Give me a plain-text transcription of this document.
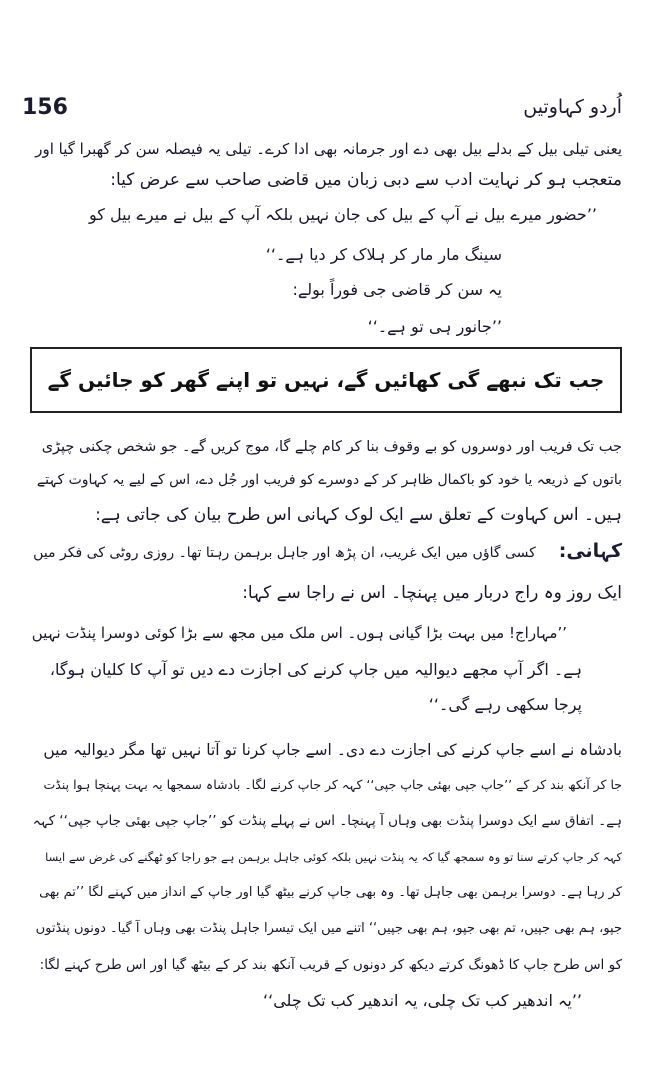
156	اُردو کہاوتیں
یعنی تیلی بیل کے بدلے بیل بھی دے اور جرمانہ بھی ادا کرے۔ تیلی یہ فیصلہ سن کر گھبرا گیا اور
متعجب ہو کر نہایت ادب سے دبی زبان میں قاضی صاحب سے عرض کیا:
’’حضور میرے بیل نے آپ کے بیل کی جان نہیں بلکہ آپ کے بیل نے میرے بیل کو
سینگ مار مار کر ہلاک کر دیا ہے۔‘‘
یہ سن کر قاضی جی فوراً بولے:
’’جانور ہی تو ہے۔‘‘
جب تک نبھے گی کھائیں گے، نہیں تو اپنے گھر کو جائیں گے
جب تک فریب اور دوسروں کو بے وقوف بنا کر کام چلے گا، موج کریں گے۔ جو شخص چکنی چپڑی
باتوں کے ذریعہ یا خود کو باکمال ظاہر کر کے دوسرے کو فریب اور جُل دے، اس کے لیے یہ کہاوت کہتے
ہیں۔ اس کہاوت کے تعلق سے ایک لوک کہانی اس طرح بیان کی جاتی ہے:
کہانی:  کسی گاؤں میں ایک غریب، ان پڑھ اور جاہل برہمن رہتا تھا۔ روزی روٹی کی فکر میں
ایک روز وہ راج دربار میں پہنچا۔ اس نے راجا سے کہا:
’’مہاراج! میں بہت بڑا گیانی ہوں۔ اس ملک میں مجھ سے بڑا کوئی دوسرا پنڈت نہیں
ہے۔ اگر آپ مجھے دیوالیہ میں جاپ کرنے کی اجازت دے دیں تو آپ کا کلیان ہوگا،
پرجا سکھی رہے گی۔‘‘
بادشاہ نے اسے جاپ کرنے کی اجازت دے دی۔ اسے جاپ کرنا تو آتا نہیں تھا مگر دیوالیہ میں
جا کر آنکھ بند کر کے ’’جاپ جپی بھئی جاپ جپی‘‘ کہہ کر جاپ کرنے لگا۔ بادشاہ سمجھا یہ بہت پہنچا ہوا پنڈت
ہے۔ اتفاق سے ایک دوسرا پنڈت بھی وہاں آ پہنچا۔ اس نے پہلے پنڈت کو ’’جاپ جپی بھئی جاپ جپی‘‘ کہہ
کہہ کر جاپ کرتے سنا تو وہ سمجھ گیا کہ یہ پنڈت نہیں بلکہ کوئی جاہل برہمن ہے جو راجا کو ٹھگنے کی غرض سے ایسا
کر رہا ہے۔ دوسرا برہمن بھی جاہل تھا۔ وہ بھی جاپ کرنے بیٹھ گیا اور جاپ کے انداز میں کہنے لگا ’’تم بھی
جپو، ہم بھی جپیں، تم بھی جپو، ہم بھی جپیں‘‘ اتنے میں ایک تیسرا جاہل پنڈت بھی وہاں آ گیا۔ دونوں پنڈتوں
کو اس طرح جاپ کا ڈھونگ کرتے دیکھ کر دونوں کے قریب آنکھ بند کر کے بیٹھ گیا اور اس طرح کہنے لگا:
’’یہ اندھیر کب تک چلی، یہ اندھیر کب تک چلی‘‘
